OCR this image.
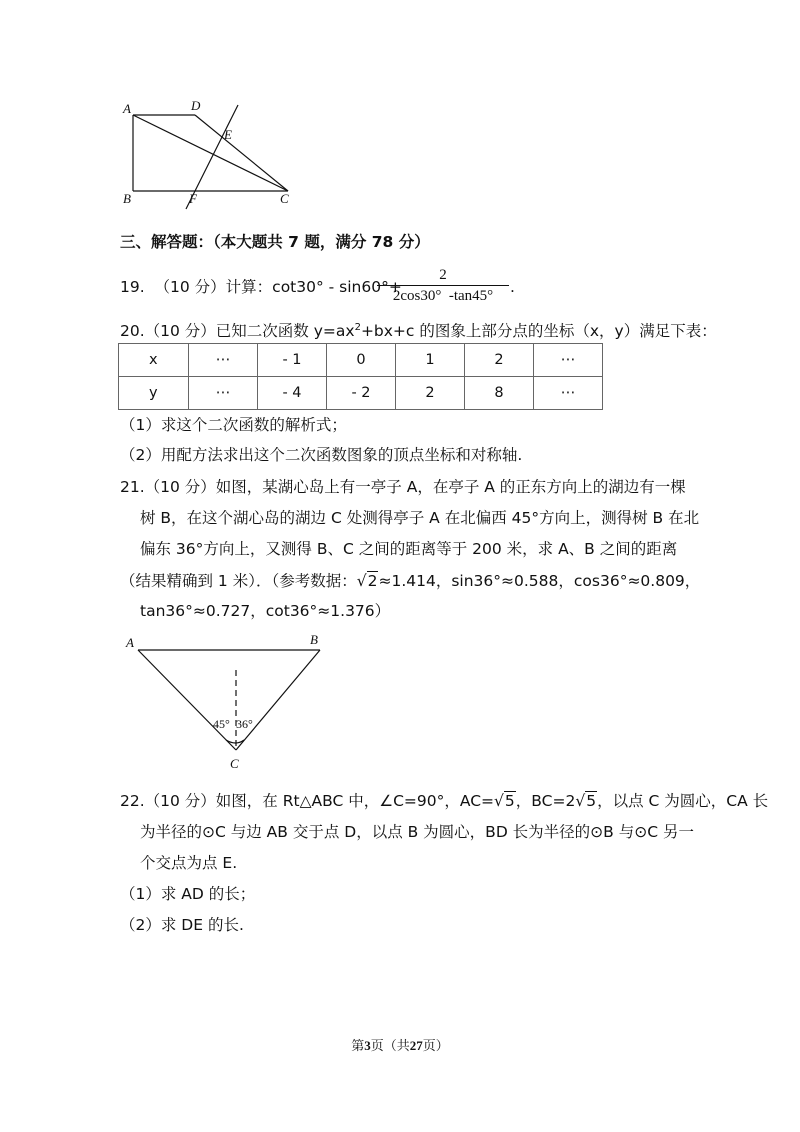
A	D
E
B	F	C
三、解答题：（本大题共 7 题，满分 78 分）
19. （10 分）计算：cot30° - sin60°+
2
2cos30°  -tan45°	.
20.（10 分）已知二次函数 $y=ax^2+bx+c$ 的图象上部分点的坐标（x，y）满足下表：
x	⋯	- 1	0	1	2	⋯
y	⋯	- 4	- 2	2	8	⋯
（1）求这个二次函数的解析式；
（2）用配方法求出这个二次函数图象的顶点坐标和对称轴.
21.（10 分）如图，某湖心岛上有一亭子 A，在亭子 A 的正东方向上的湖边有一棵
树 B，在这个湖心岛的湖边 C 处测得亭子 A 在北偏西 45°方向上，测得树 B 在北
偏东 36°方向上，又测得 B、C 之间的距离等于 200 米，求 A、B 之间的距离
（结果精确到 1 米）．（参考数据：√2≈1.414，sin36°≈0.588，cos36°≈0.809，
tan36°≈0.727，cot36°≈1.376）
A	B
C
45° 36°
22.（10 分）如图，在 Rt△ABC 中，∠C=90°，AC=√5，BC=2√5，以点 C 为圆心，CA 长
为半径的⊙C 与边 AB 交于点 D，以点 B 为圆心，BD 长为半径的⊙B 与⊙C 另一
个交点为点 E.
（1）求 AD 的长；
（2）求 DE 的长.
第3页（共27页）
